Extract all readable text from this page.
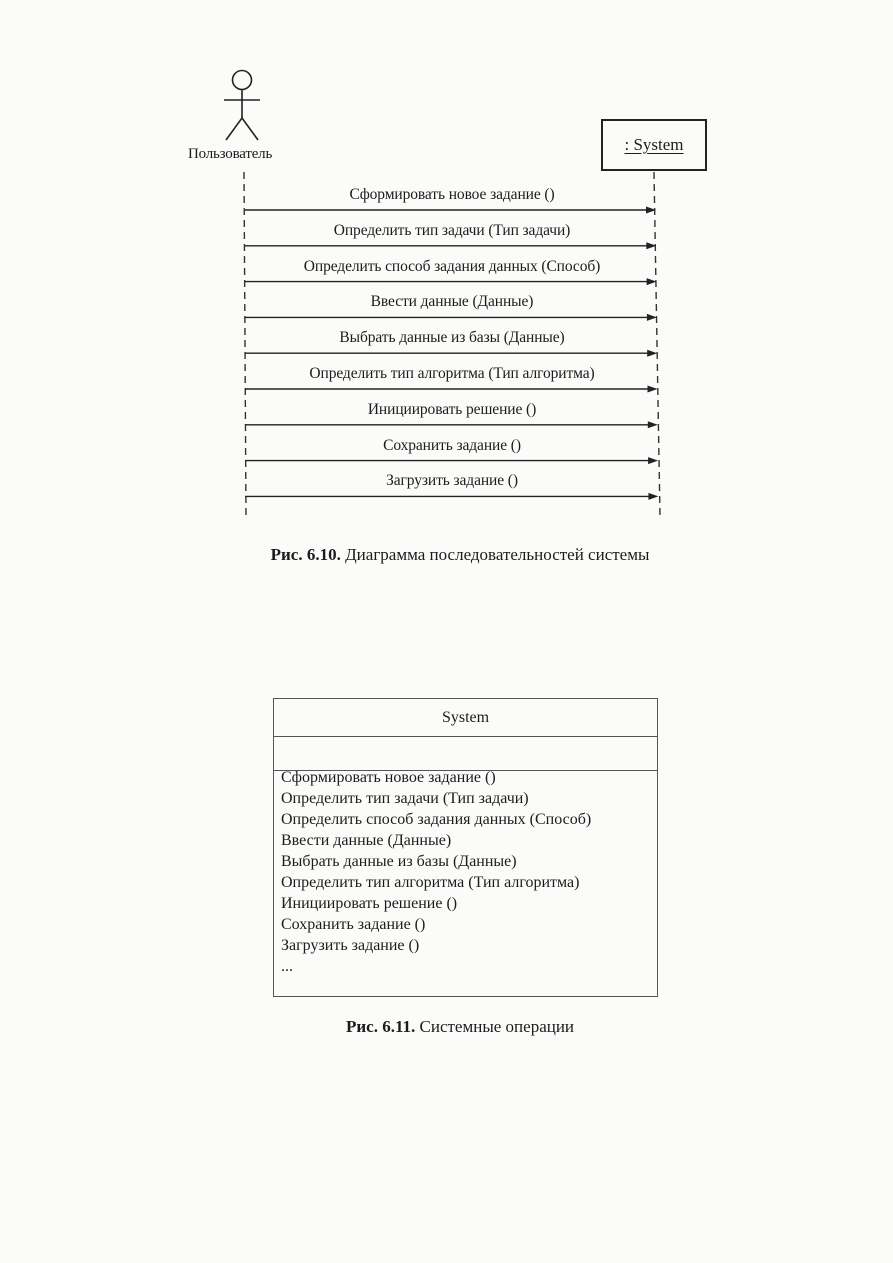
Пользователь	: System
Сформировать новое задание ()
Определить тип задачи (Тип задачи)
Определить способ задания данных (Способ)
Ввести данные (Данные)
Выбрать данные из базы (Данные)
Определить тип алгоритма (Тип алгоритма)
Инициировать решение ()
Сохранить задание ()
Загрузить задание ()
Рис. 6.10. Диаграмма последовательностей системы
System
Сформировать новое задание ()
Определить тип задачи (Тип задачи)
Определить способ задания данных (Способ)
Ввести данные (Данные)
Выбрать данные из базы (Данные)
Определить тип алгоритма (Тип алгоритма)
Инициировать решение ()
Сохранить задание ()
Загрузить задание ()
...
Рис. 6.11. Системные операции
